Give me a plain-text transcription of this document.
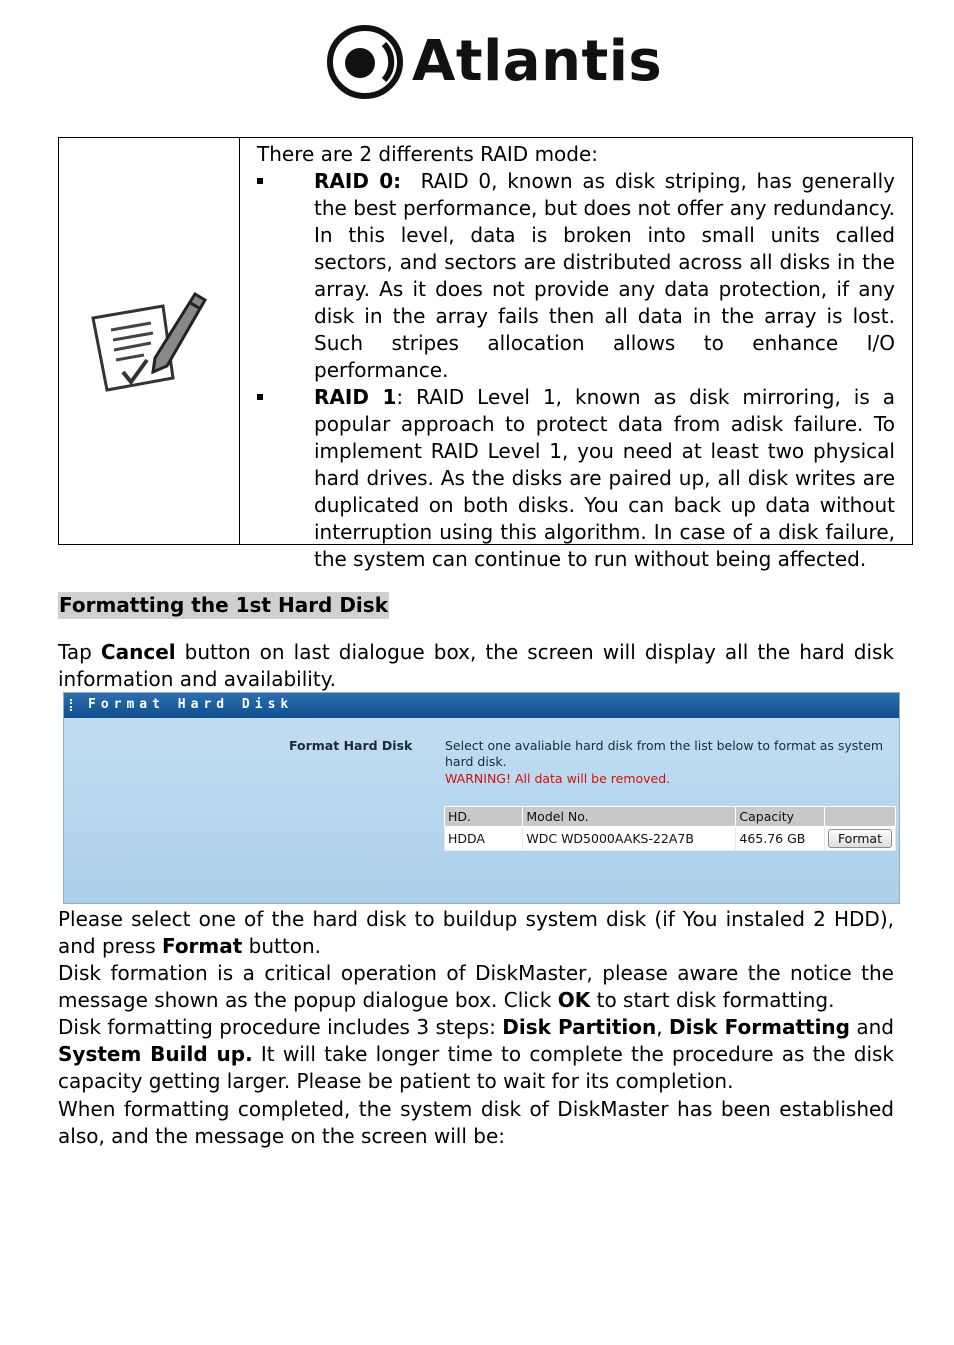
Atlantis

There are 2 differents RAID mode:

RAID 0: RAID 0, known as disk striping, has generally the best performance, but does not offer any redundancy. In this level, data is broken into small units called sectors, and sectors are distributed across all disks in the array. As it does not provide any data protection, if any disk in the array fails then all data in the array is lost. Such stripes allocation allows to enhance I/O performance.
RAID 1: RAID Level 1, known as disk mirroring, is a popular approach to protect data from adisk failure. To implement RAID Level 1, you need at least two physical hard drives. As the disks are paired up, all disk writes are duplicated on both disks. You can back up data without interruption using this algorithm. In case of a disk failure, the system can continue to run without being affected.
Formatting the 1st Hard Disk

Tap Cancel button on last dialogue box, the screen will display all the hard disk information and availability.

Format Hard Disk
Format Hard Disk	Select one avaliable hard disk from the list below to format as system hard disk.
WARNING! All data will be removed.
HD.	Model No.	Capacity	
HDDA	WDC WD5000AAKS-22A7B	465.76 GB	Format

Please select one of the hard disk to buildup system disk (if You instaled 2 HDD), and press Format button.

Disk formation is a critical operation of DiskMaster, please aware the notice the message shown as the popup dialogue box. Click OK to start disk formatting.

Disk formatting procedure includes 3 steps: Disk Partition, Disk Formatting and System Build up. It will take longer time to complete the procedure as the disk capacity getting larger. Please be patient to wait for its completion.

When formatting completed, the system disk of DiskMaster has been established also, and the message on the screen will be:
